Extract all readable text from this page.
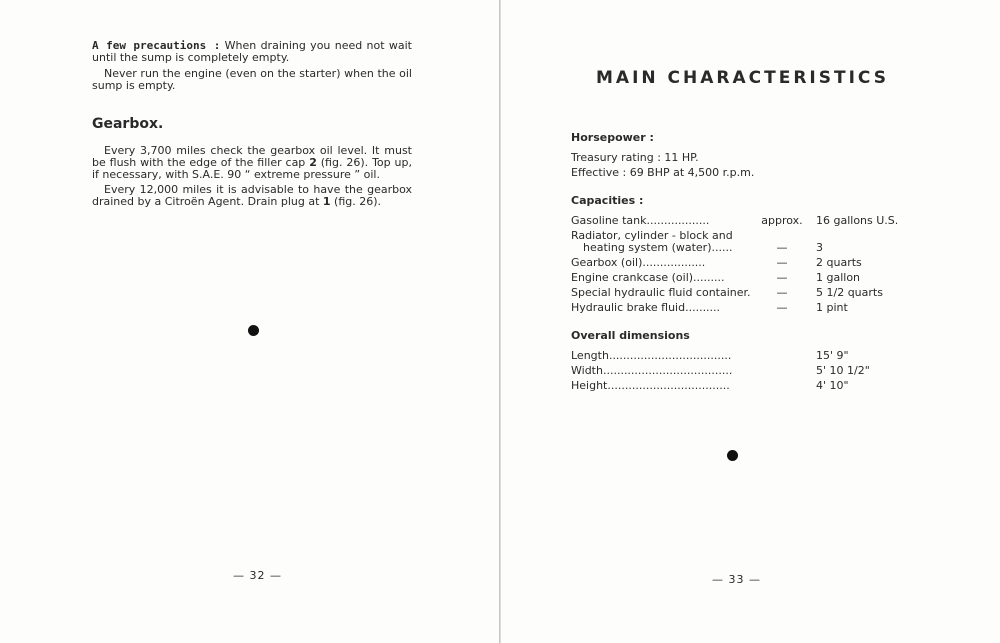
A few precautions : When draining you need not wait until the sump is completely empty.

Never run the engine (even on the starter) when the oil sump is empty.

Gearbox.

Every 3,700 miles check the gearbox oil level. It must be flush with the edge of the filler cap 2 (fig. 26). Top up, if necessary, with S.A.E. 90 “ extreme pressure ” oil.

Every 12,000 miles it is advisable to have the gearbox drained by a Citroën Agent. Drain plug at 1 (fig. 26).

— 32 —
MAIN CHARACTERISTICS
Horsepower :

Treasury rating : 11 HP.

Effective : 69 BHP at 4,500 r.p.m.

Capacities :
Gasoline tank..................	approx. 16 gallons U.S.
Radiator, cylinder - block and
heating system (water)......	—	3
Gearbox (oil)..................	—	2 quarts
Engine crankcase (oil).........	—	1 gallon
Special hydraulic fluid container.	—	5 1/2 quarts
Hydraulic brake fluid..........	—	1 pint
Overall dimensions
Length...................................	15' 9"
Width.....................................	5' 10 1/2"
Height...................................	4' 10"
— 33 —
